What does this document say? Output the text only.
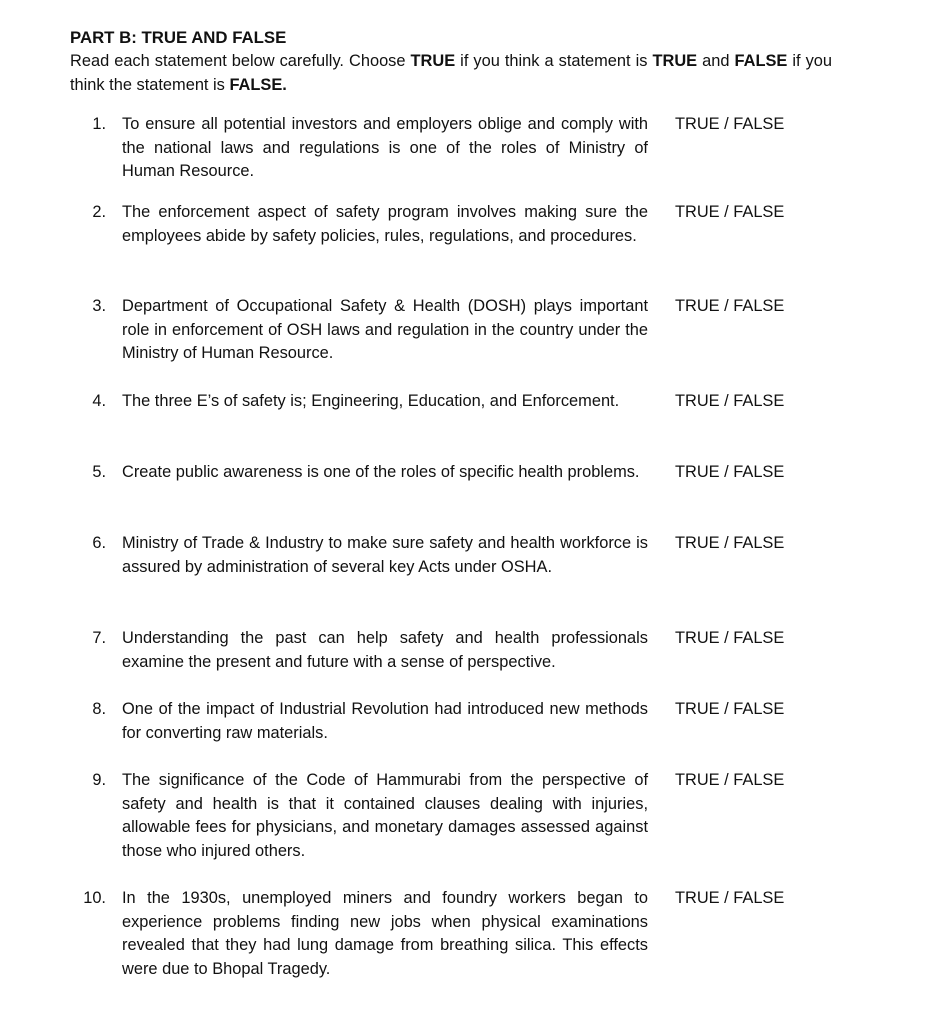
PART B: TRUE AND FALSE
Read each statement below carefully. Choose TRUE if you think a statement is TRUE and FALSE if you think the statement is FALSE.
1. To ensure all potential investors and employers oblige and comply with the national laws and regulations is one of the roles of Ministry of Human Resource.
TRUE / FALSE
2. The enforcement aspect of safety program involves making sure the employees abide by safety policies, rules, regulations, and procedures.
TRUE / FALSE
3. Department of Occupational Safety & Health (DOSH) plays important role in enforcement of OSH laws and regulation in the country under the Ministry of Human Resource.
TRUE / FALSE
4. The three E’s of safety is; Engineering, Education, and Enforcement.	TRUE / FALSE
5. Create public awareness is one of the roles of specific health problems.	TRUE / FALSE
6. Ministry of Trade & Industry to make sure safety and health workforce is assured by administration of several key Acts under OSHA.
TRUE / FALSE
7. Understanding the past can help safety and health professionals examine the present and future with a sense of perspective.
TRUE / FALSE
8. One of the impact of Industrial Revolution had introduced new methods for converting raw materials.
TRUE / FALSE
9. The significance of the Code of Hammurabi from the perspective of safety and health is that it contained clauses dealing with injuries, allowable fees for physicians, and monetary damages assessed against those who injured others.
TRUE / FALSE
10. In the 1930s, unemployed miners and foundry workers began to experience problems finding new jobs when physical examinations revealed that they had lung damage from breathing silica. This effects were due to Bhopal Tragedy.
TRUE / FALSE
